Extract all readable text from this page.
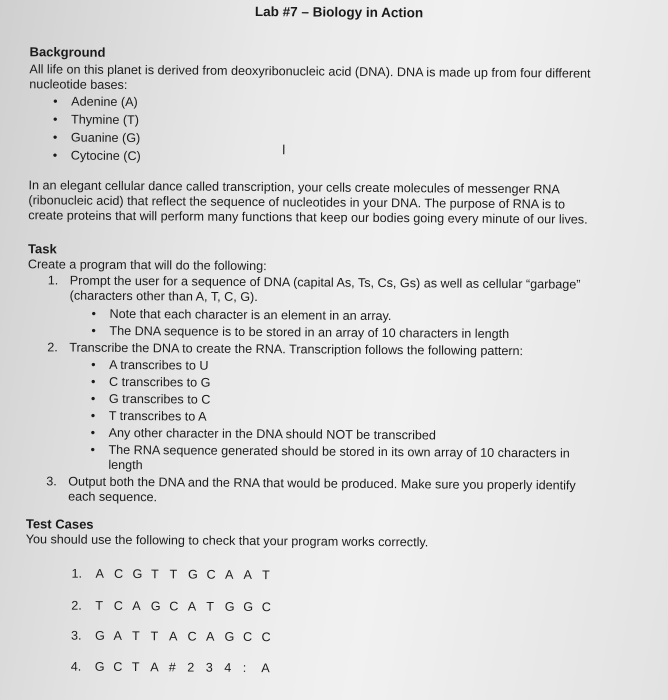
Lab #7 – Biology in Action
Background
All life on this planet is derived from deoxyribonucleic acid (DNA). DNA is made up from four different
nucleotide bases:
• Adenine (A)
• Thymine (T)
• Guanine (G)
• Cytocine (C)	I
In an elegant cellular dance called transcription, your cells create molecules of messenger RNA
(ribonucleic acid) that reflect the sequence of nucleotides in your DNA. The purpose of RNA is to
create proteins that will perform many functions that keep our bodies going every minute of our lives.
Task
Create a program that will do the following:
1. Prompt the user for a sequence of DNA (capital As, Ts, Cs, Gs) as well as cellular “garbage”
(characters other than A, T, C, G).
• Note that each character is an element in an array.
• The DNA sequence is to be stored in an array of 10 characters in length
2. Transcribe the DNA to create the RNA. Transcription follows the following pattern:
• A transcribes to U
• C transcribes to G
• G transcribes to C
• T transcribes to A
• Any other character in the DNA should NOT be transcribed
• The RNA sequence generated should be stored in its own array of 10 characters in
length
3. Output both the DNA and the RNA that would be produced. Make sure you properly identify
each sequence.
Test Cases
You should use the following to check that your program works correctly.
1. A C G T T G C A A T
2. T C A G C A T G G C
3. G A T T A C A G C C
4. G C T A # 2 3 4 : A
